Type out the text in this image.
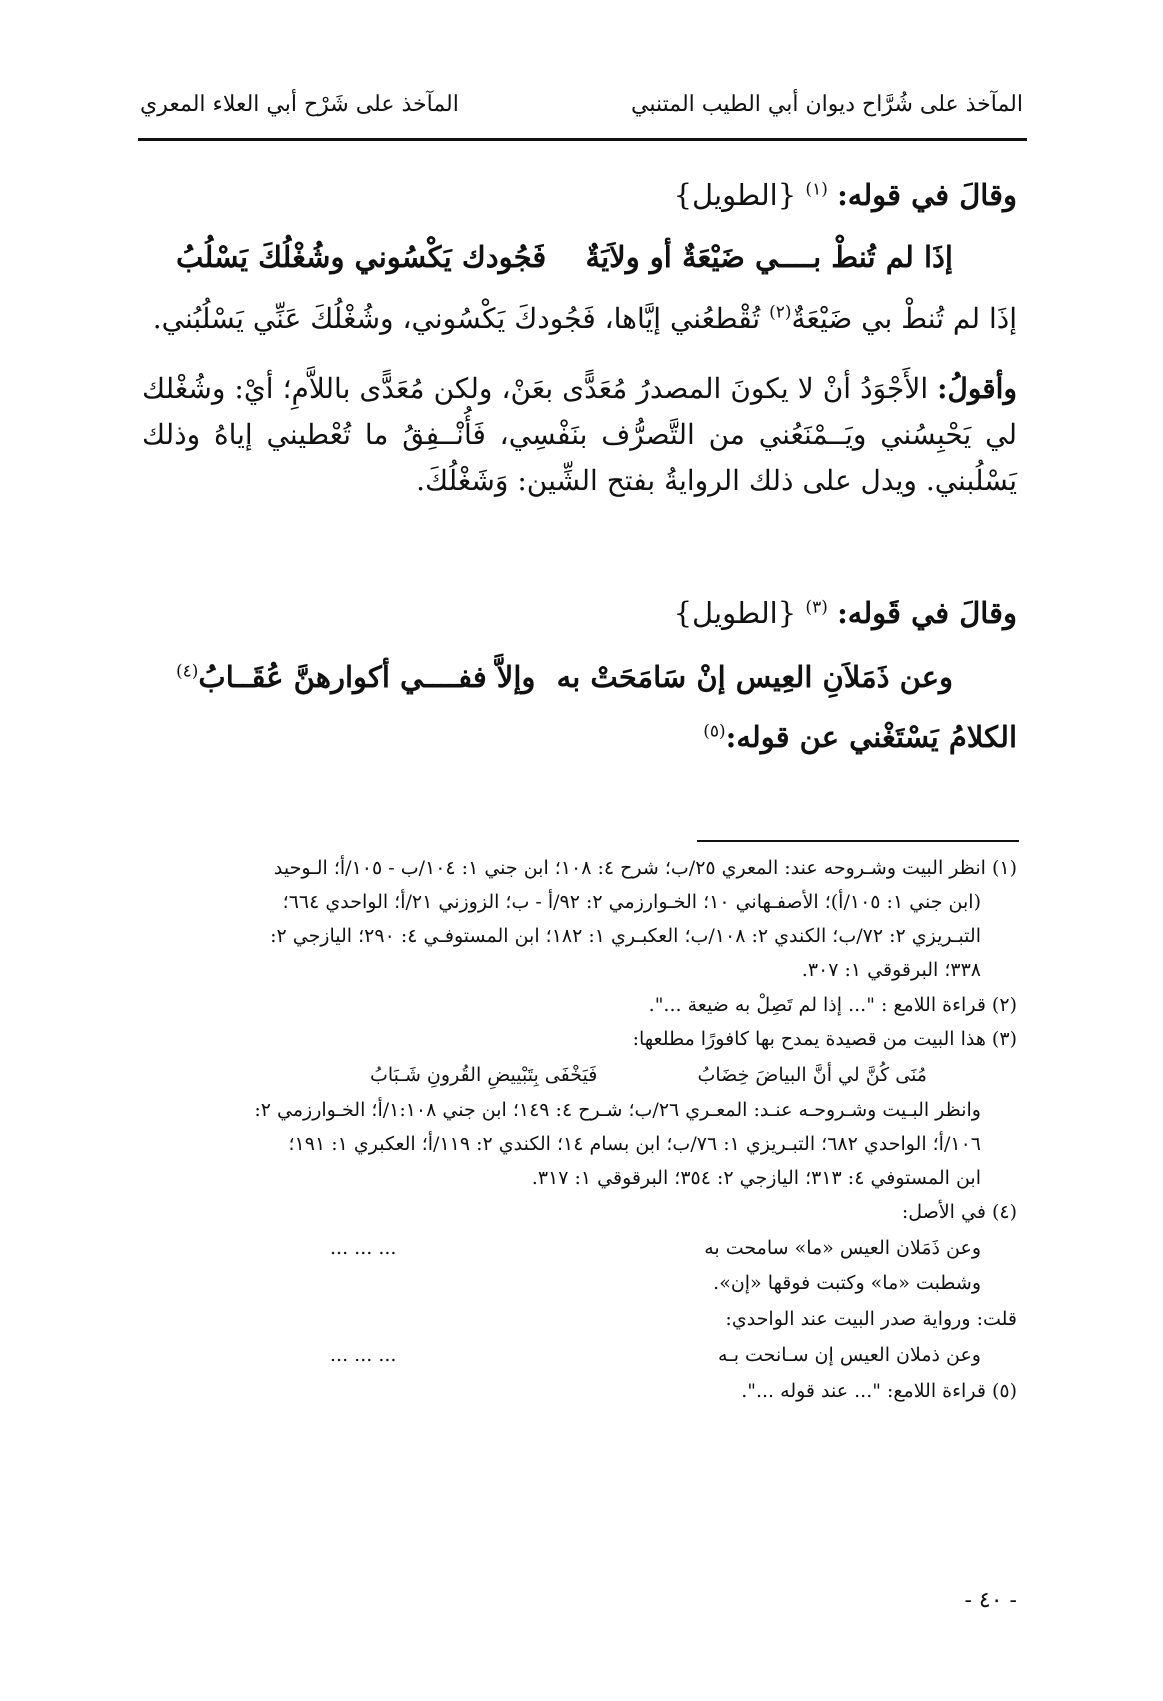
المآخذ على شُرَّاح ديوان أبي الطيب المتنبي
المآخذ على شَرْح أبي العلاء المعري
وقالَ في قوله: $^{(١)}$ {الطويل}
إذَا لم تُنطْ بــــي ضَيْعَةٌ أو ولاَيَةٌ
فَجُودك يَكْسُوني وشُغْلُكَ يَسْلُبُ
إذَا لم تُنطْ بي ضَيْعَةٌ$^{(٢)}$ تُقْطعُني إيَّاها، فَجُودكَ يَكْسُوني، وشُغْلُكَ عَنِّي يَسْلُبُني.
وأقولُ: الأَجْوَدُ أنْ لا يكونَ المصدرُ مُعَدًّى بعَنْ، ولكن مُعَدًّى باللاَّمِ؛ أيْ: وشُغْلك لي يَحْبِسُني ويَــمْنَعُني من التَّصرُّف بنَفْسِي، فَأُنْــفِقُ ما تُعْطيني إياهُ وذلك يَسْلُبني. ويدل على ذلك الروايةُ بفتح الشِّين: وَشَغْلُكَ.
وقالَ في قَوله: $^{(٣)}$ {الطويل}
وعن ذَمَلاَنِ العِيس إنْ سَامَحَتْ به
وإلاَّ ففــــي أكوارهنَّ عُقَــابُ$^{(٤)}$
الكلامُ يَسْتَغْني عن قوله:$^{(٥)}$
(١) انظر البيت وشـروحه عند: المعري ٢٥/ب؛ شرح ٤: ١٠٨؛ ابن جني ١: ١٠٤/ب - ١٠٥/أ؛ الـوحيد
(ابن جني ١: ١٠٥/أ)؛ الأصفـهاني ١٠؛ الخـوارزمي ٢: ٩٢/أ - ب؛ الزوزني ٢١/أ؛ الواحدي ٦٦٤؛
التبـريزي ٢: ٧٢/ب؛ الكندي ٢: ١٠٨/ب؛ العكبـري ١: ١٨٢؛ ابن المستوفـي ٤: ٢٩٠؛ اليازجي ٢:
٣٣٨؛ البرقوقي ١: ٣٠٧.
(٢) قراءة اللامع : "... إذا لم تَصِلْ به ضيعة ...".
(٣) هذا البيت من قصيدة يمدح بها كافورًا مطلعها:
مُنَى كُنَّ لي أنَّ البياضَ خِضَابُ
فَيَخْفَى بِتَبْييضِ القُرونِ شَـبَابُ
وانظر البـيت وشـروحـه عنـد: المعـري ٢٦/ب؛ شـرح ٤: ١٤٩؛ ابن جني ١:١٠٨/أ؛ الخـوارزمي ٢:
١٠٦/أ؛ الواحدي ٦٨٢؛ التبـريزي ١: ٧٦/ب؛ ابن بسام ١٤؛ الكندي ٢: ١١٩/أ؛ العكبري ١: ١٩١؛
ابن المستوفي ٤: ٣١٣؛ اليازجي ٢: ٣٥٤؛ البرقوقي ١: ٣١٧.
(٤) في الأصل:
وعن ذَمَلان العيس «ما» سامحت به
... ... ...
وشطبت «ما» وكتبت فوقها «إن».
قلت: ورواية صدر البيت عند الواحدي:
وعن ذملان العيس إن سـانحت بـه
... ... ...
(٥) قراءة اللامع: "... عند قوله ...".
- ٤٠ -
